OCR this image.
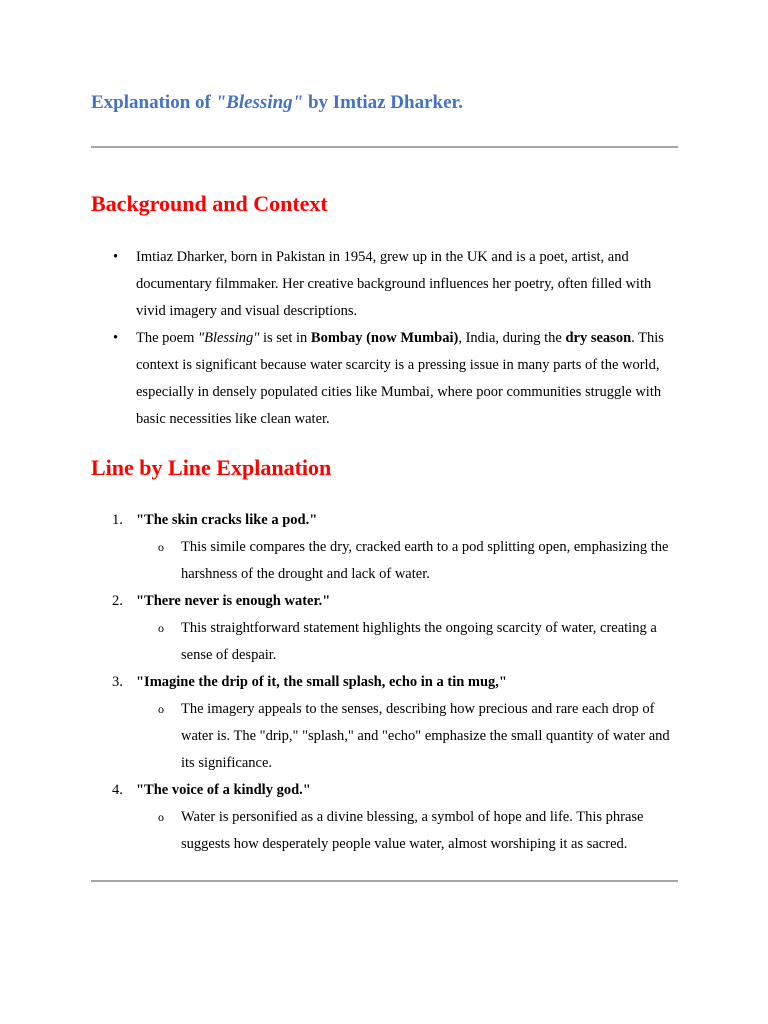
Explanation of "Blessing" by Imtiaz Dharker.
Background and Context
• Imtiaz Dharker, born in Pakistan in 1954, grew up in the UK and is a poet, artist, and documentary filmmaker. Her creative background influences her poetry, often filled with vivid imagery and visual descriptions.
• The poem "Blessing" is set in Bombay (now Mumbai), India, during the dry season. This context is significant because water scarcity is a pressing issue in many parts of the world, especially in densely populated cities like Mumbai, where poor communities struggle with basic necessities like clean water.
Line by Line Explanation
1. "The skin cracks like a pod."
o This simile compares the dry, cracked earth to a pod splitting open, emphasizing the harshness of the drought and lack of water.
2. "There never is enough water."
o This straightforward statement highlights the ongoing scarcity of water, creating a sense of despair.
3. "Imagine the drip of it, the small splash, echo in a tin mug,"
o The imagery appeals to the senses, describing how precious and rare each drop of water is. The "drip," "splash," and "echo" emphasize the small quantity of water and its significance.
4. "The voice of a kindly god."
o Water is personified as a divine blessing, a symbol of hope and life. This phrase suggests how desperately people value water, almost worshiping it as sacred.
